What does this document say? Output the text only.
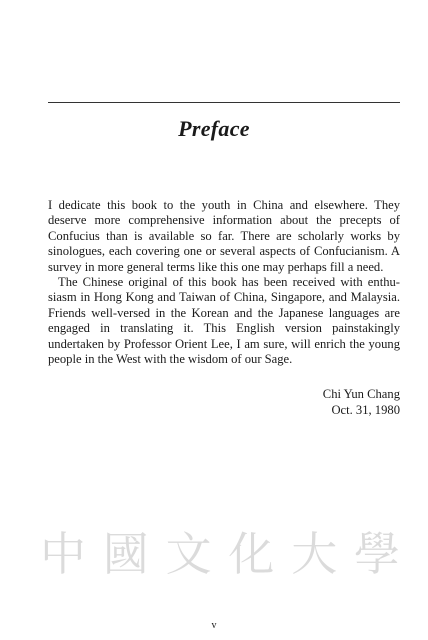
Preface

I dedicate this book to the youth in China and elsewhere. They deserve more comprehensive information about the precepts of Confucius than is available so far. There are scholarly works by sinologues, each covering one or several aspects of Confucianism. A survey in more general terms like this one may perhaps fill a need.

The Chinese original of this book has been received with enthusiasm in Hong Kong and Taiwan of China, Singapore, and Malaysia. Friends well-versed in the Korean and the Japanese languages are engaged in translating it. This English version painstakingly undertaken by Professor Orient Lee, I am sure, will enrich the young people in the West with the wisdom of our Sage.

Chi Yun Chang
Oct. 31, 1980
中 國 文 化 大 學
v
